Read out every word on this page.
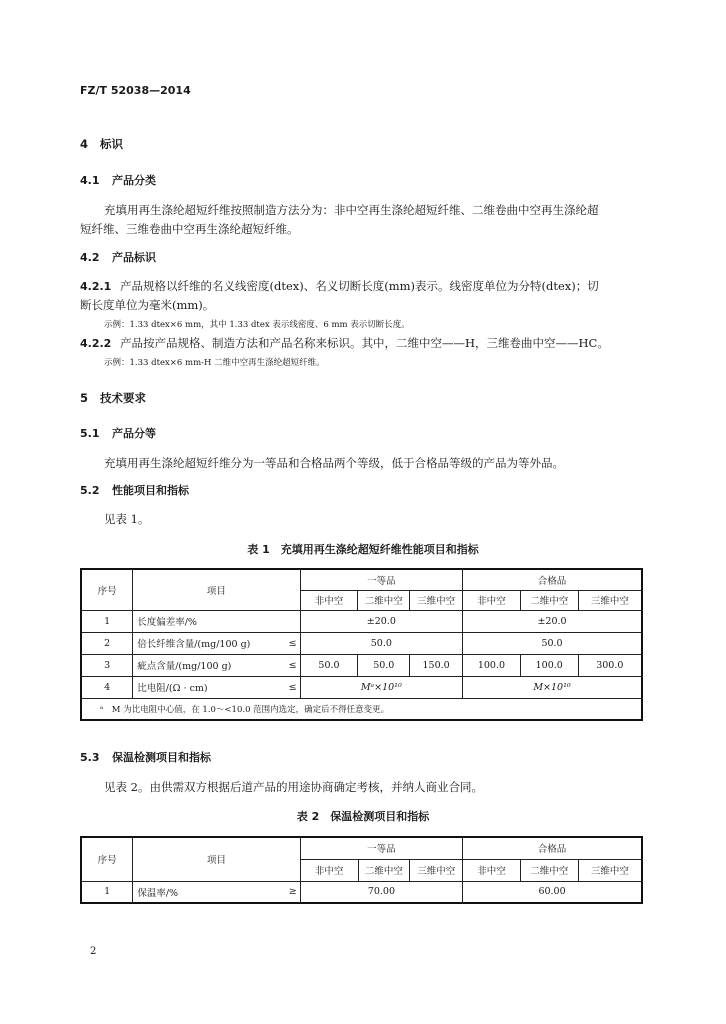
FZ/T 52038—2014
4 标识
4.1 产品分类
充填用再生涤纶超短纤维按照制造方法分为：非中空再生涤纶超短纤维、二维卷曲中空再生涤纶超
短纤维、三维卷曲中空再生涤纶超短纤维。
4.2 产品标识
4.2.1 产品规格以纤维的名义线密度(dtex)、名义切断长度(mm)表示。线密度单位为分特(dtex)；切
断长度单位为毫米(mm)。
示例：1.33 dtex×6 mm，其中 1.33 dtex 表示线密度、6 mm 表示切断长度。
4.2.2 产品按产品规格、制造方法和产品名称来标识。其中，二维中空——H，三维卷曲中空——HC。
示例：1.33 dtex×6 mm-H 二维中空再生涤纶超短纤维。
5 技术要求
5.1 产品分等
充填用再生涤纶超短纤维分为一等品和合格品两个等级，低于合格品等级的产品为等外品。
5.2 性能项目和指标
见表 1。
表 1　充填用再生涤纶超短纤维性能项目和指标
序号	项目		一等品			合格品		
			非中空	二维中空	三维中空	非中空	二维中空	三维中空
1	长度偏差率/%		±20.0			±20.0		
2	倍长纤维含量/(mg/100 g)	≤	50.0			50.0		
3	疵点含量/(mg/100 g)	≤	50.0	50.0	150.0	100.0	100.0	300.0
4	比电阻/(Ω · cm)	≤	Mᵃ×10¹⁰			M×10¹⁰		
ᵃ　 M 为比电阻中心值，在 1.0～<10.0 范围内选定，确定后不得任意变更。								
5.3 保温检测项目和指标
见表 2。由供需双方根据后道产品的用途协商确定考核，并纳人商业合同。
表 2　保温检测项目和指标
序号	项目		一等品			合格品		
			非中空	二维中空	三维中空	非中空	二维中空	三维中空
1	保温率/%	≥	70.00			60.00		
2
